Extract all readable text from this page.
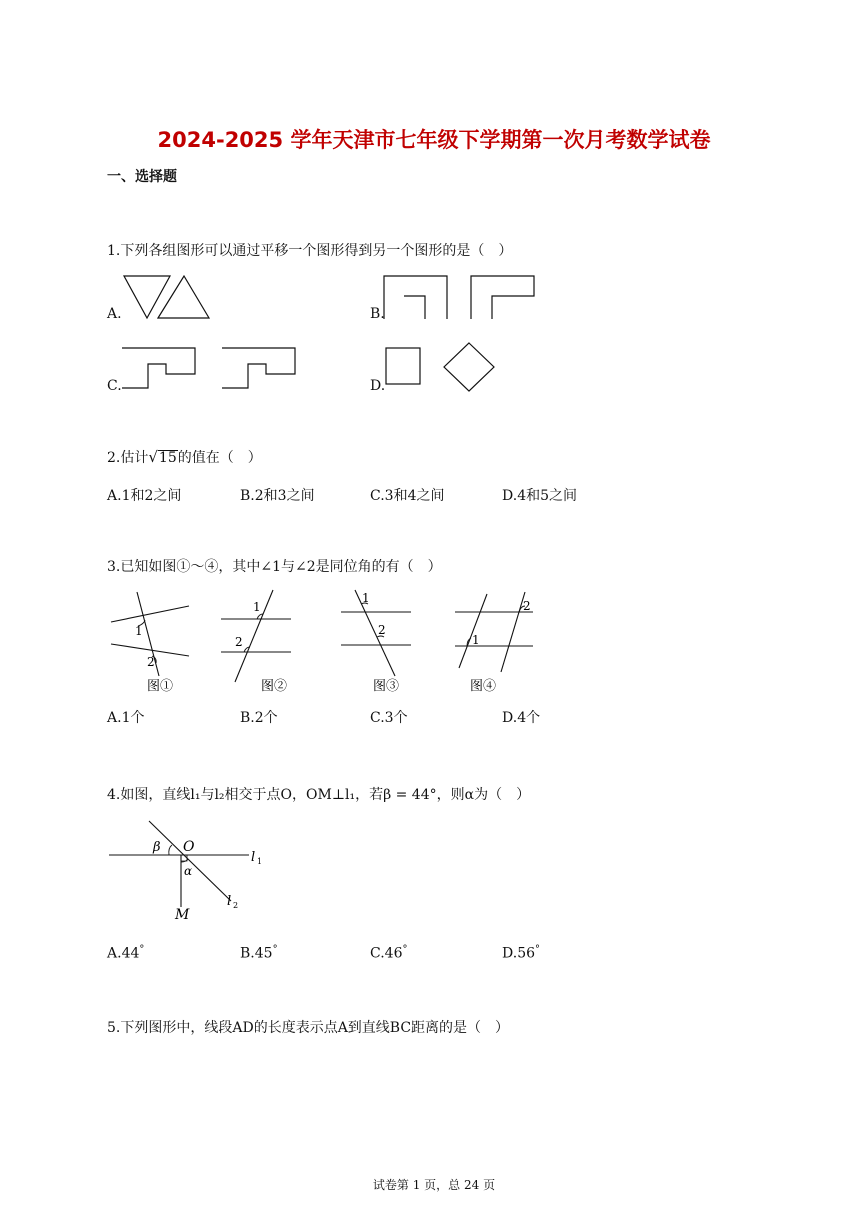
2024-2025 学年天津市七年级下学期第一次月考数学试卷
一、选择题
1.下列各组图形可以通过平移一个图形得到另一个图形的是（　）
A.	B.
C.	D.
2.估计√15的值在（　）
A.1和2之间	B.2和3之间	C.3和4之间	D.4和5之间
3.已知如图①～④，其中∠1与∠2是同位角的有（　）
1
2
图①
1
2
图②
1
2
图③
1
2
图④
A.1个	B.2个	C.3个	D.4个
4.如图，直线l₁与l₂相交于点O，OM⊥l₁，若β = 44°，则α为（　）
β O
α
M
l 1
l 2
A.44°	B.45°	C.46°	D.56°
5.下列图形中，线段AD的长度表示点A到直线BC距离的是（　）
试卷第 1 页，总 24 页
